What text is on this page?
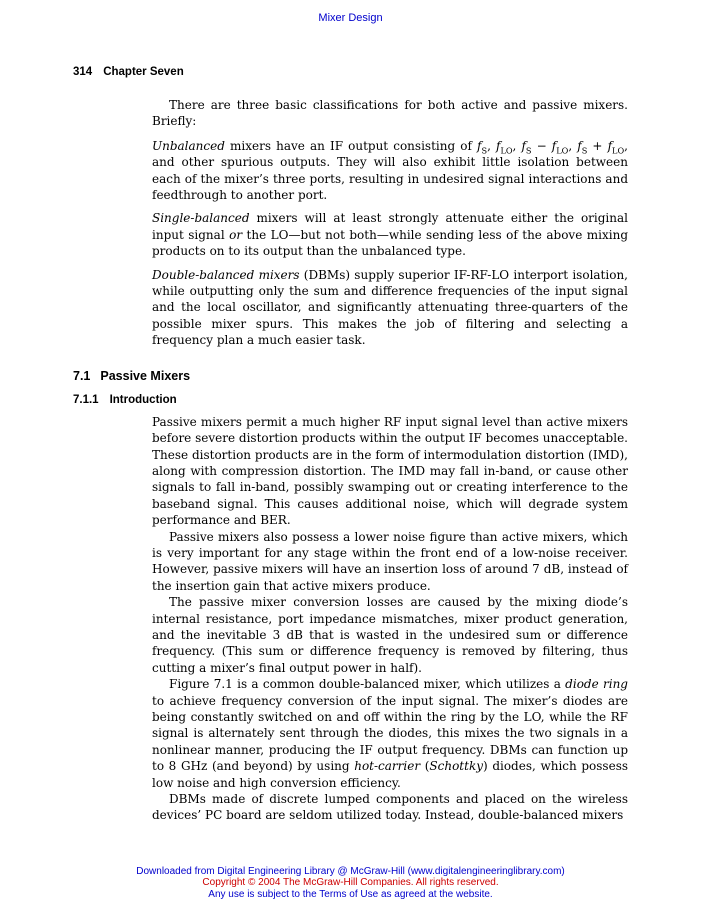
Mixer Design
314 Chapter Seven

There are three basic classifications for both active and passive mixers.
Briefly:

Unbalanced mixers have an IF output consisting of $f_S$, $f_{LO}$, $f_S - f_{LO}$, $f_S + f_{LO}$, and other spurious outputs. They will also exhibit little isolation between each of the mixer’s three ports, resulting in undesired signal interactions and feedthrough to another port.

Single-balanced mixers will at least strongly attenuate either the original input signal or the LO—but not both—while sending less of the above mixing products on to its output than the unbalanced type.

Double-balanced mixers (DBMs) supply superior IF-RF-LO interport isolation, while outputting only the sum and difference frequencies of the input signal and the local oscillator, and significantly attenuating three-quarters of the possible mixer spurs. This makes the job of filtering and selecting a frequency plan a much easier task.

7.1 Passive Mixers
7.1.1 Introduction

Passive mixers permit a much higher RF input signal level than active mixers before severe distortion products within the output IF becomes unacceptable. These distortion products are in the form of intermodulation distortion (IMD), along with compression distortion. The IMD may fall in-band, or cause other signals to fall in-band, possibly swamping out or creating interference to the baseband signal. This causes additional noise, which will degrade system performance and BER.

Passive mixers also possess a lower noise figure than active mixers, which is very important for any stage within the front end of a low-noise receiver. However, passive mixers will have an insertion loss of around 7 dB, instead of the insertion gain that active mixers produce.

The passive mixer conversion losses are caused by the mixing diode’s internal resistance, port impedance mismatches, mixer product generation, and the inevitable 3 dB that is wasted in the undesired sum or difference frequency. (This sum or difference frequency is removed by filtering, thus cutting a mixer’s final output power in half).

Figure 7.1 is a common double-balanced mixer, which utilizes a diode ring to achieve frequency conversion of the input signal. The mixer’s diodes are being constantly switched on and off within the ring by the LO, while the RF signal is alternately sent through the diodes, this mixes the two signals in a nonlinear manner, producing the IF output frequency. DBMs can function up to 8 GHz (and beyond) by using hot-carrier (Schottky) diodes, which possess low noise and high conversion efficiency.

DBMs made of discrete lumped components and placed on the wireless devices’ PC board are seldom utilized today. Instead, double-balanced mixers

Downloaded from Digital Engineering Library @ McGraw-Hill (www.digitalengineeringlibrary.com)
Copyright © 2004 The McGraw-Hill Companies. All rights reserved.
Any use is subject to the Terms of Use as agreed at the website.
